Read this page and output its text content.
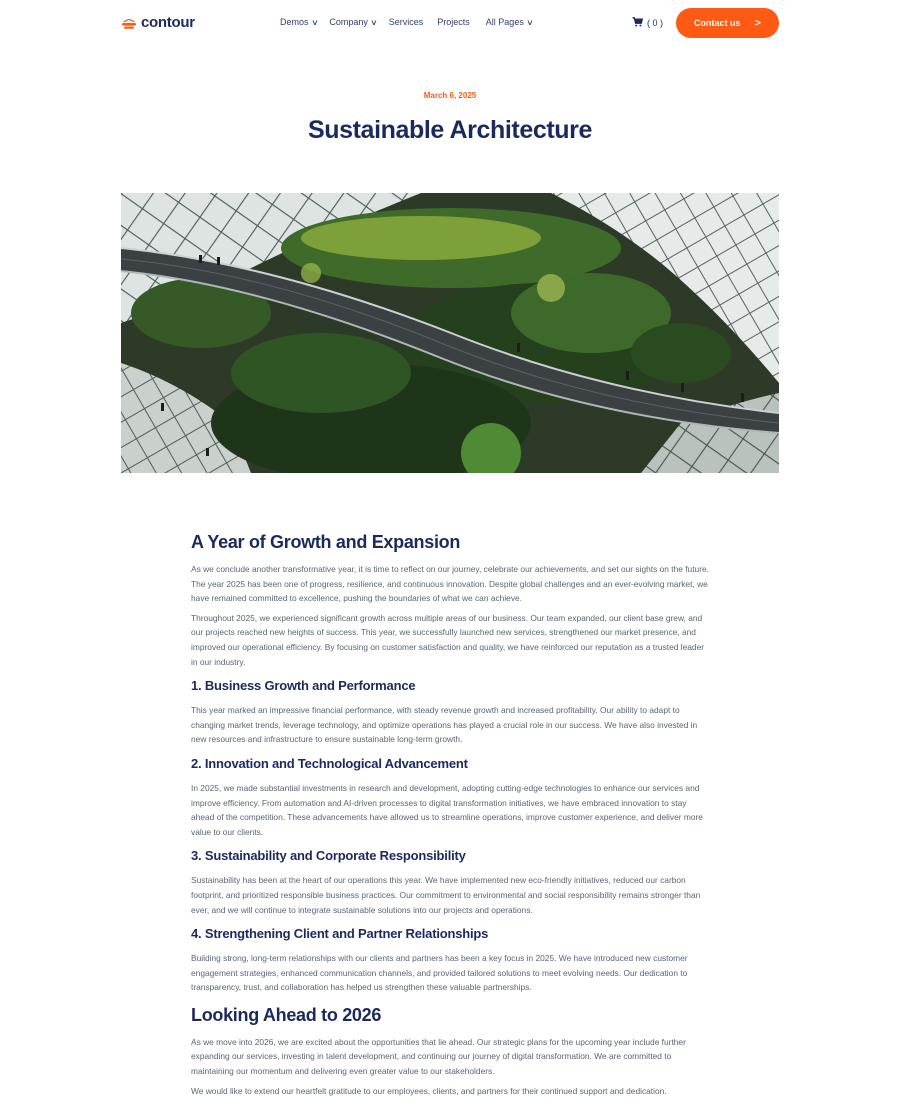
contour	Demos ∨ Company ∨ Services Projects All Pages ∨	( 0 )	Contact us >
March 6, 2025
Sustainable Architecture
A Year of Growth and Expansion

As we conclude another transformative year, it is time to reflect on our journey, celebrate our achievements, and set our sights on the future. The year 2025 has been one of progress, resilience, and continuous innovation. Despite global challenges and an ever-evolving market, we have remained committed to excellence, pushing the boundaries of what we can achieve.

Throughout 2025, we experienced significant growth across multiple areas of our business. Our team expanded, our client base grew, and our projects reached new heights of success. This year, we successfully launched new services, strengthened our market presence, and improved our operational efficiency. By focusing on customer satisfaction and quality, we have reinforced our reputation as a trusted leader in our industry.

1. Business Growth and Performance

This year marked an impressive financial performance, with steady revenue growth and increased profitability. Our ability to adapt to changing market trends, leverage technology, and optimize operations has played a crucial role in our success. We have also invested in new resources and infrastructure to ensure sustainable long-term growth.

2. Innovation and Technological Advancement

In 2025, we made substantial investments in research and development, adopting cutting-edge technologies to enhance our services and improve efficiency. From automation and AI-driven processes to digital transformation initiatives, we have embraced innovation to stay ahead of the competition. These advancements have allowed us to streamline operations, improve customer experience, and deliver more value to our clients.

3. Sustainability and Corporate Responsibility

Sustainability has been at the heart of our operations this year. We have implemented new eco-friendly initiatives, reduced our carbon footprint, and prioritized responsible business practices. Our commitment to environmental and social responsibility remains stronger than ever, and we will continue to integrate sustainable solutions into our projects and operations.

4. Strengthening Client and Partner Relationships

Building strong, long-term relationships with our clients and partners has been a key focus in 2025. We have introduced new customer engagement strategies, enhanced communication channels, and provided tailored solutions to meet evolving needs. Our dedication to transparency, trust, and collaboration has helped us strengthen these valuable partnerships.

Looking Ahead to 2026

As we move into 2026, we are excited about the opportunities that lie ahead. Our strategic plans for the upcoming year include further expanding our services, investing in talent development, and continuing our journey of digital transformation. We are committed to maintaining our momentum and delivering even greater value to our stakeholders.

We would like to extend our heartfelt gratitude to our employees, clients, and partners for their continued support and dedication.
